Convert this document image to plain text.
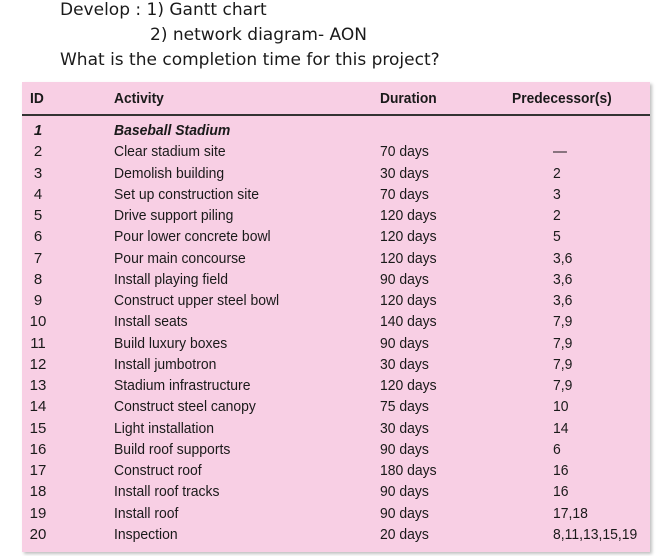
Develop : 1) Gantt chart
2) network diagram- AON
What is the completion time for this project?
ID	Activity	Duration	Predecessor(s)
1	Baseball Stadium
2	Clear stadium site	70 days	—
3	Demolish building	30 days	2
4	Set up construction site	70 days	3
5	Drive support piling	120 days	2
6	Pour lower concrete bowl	120 days	5
7	Pour main concourse	120 days	3,6
8	Install playing field	90 days	3,6
9	Construct upper steel bowl	120 days	3,6
10	Install seats	140 days	7,9
11	Build luxury boxes	90 days	7,9
12	Install jumbotron	30 days	7,9
13	Stadium infrastructure	120 days	7,9
14	Construct steel canopy	75 days	10
15	Light installation	30 days	14
16	Build roof supports	90 days	6
17	Construct roof	180 days	16
18	Install roof tracks	90 days	16
19	Install roof	90 days	17,18
20	Inspection	20 days	8,11,13,15,19
